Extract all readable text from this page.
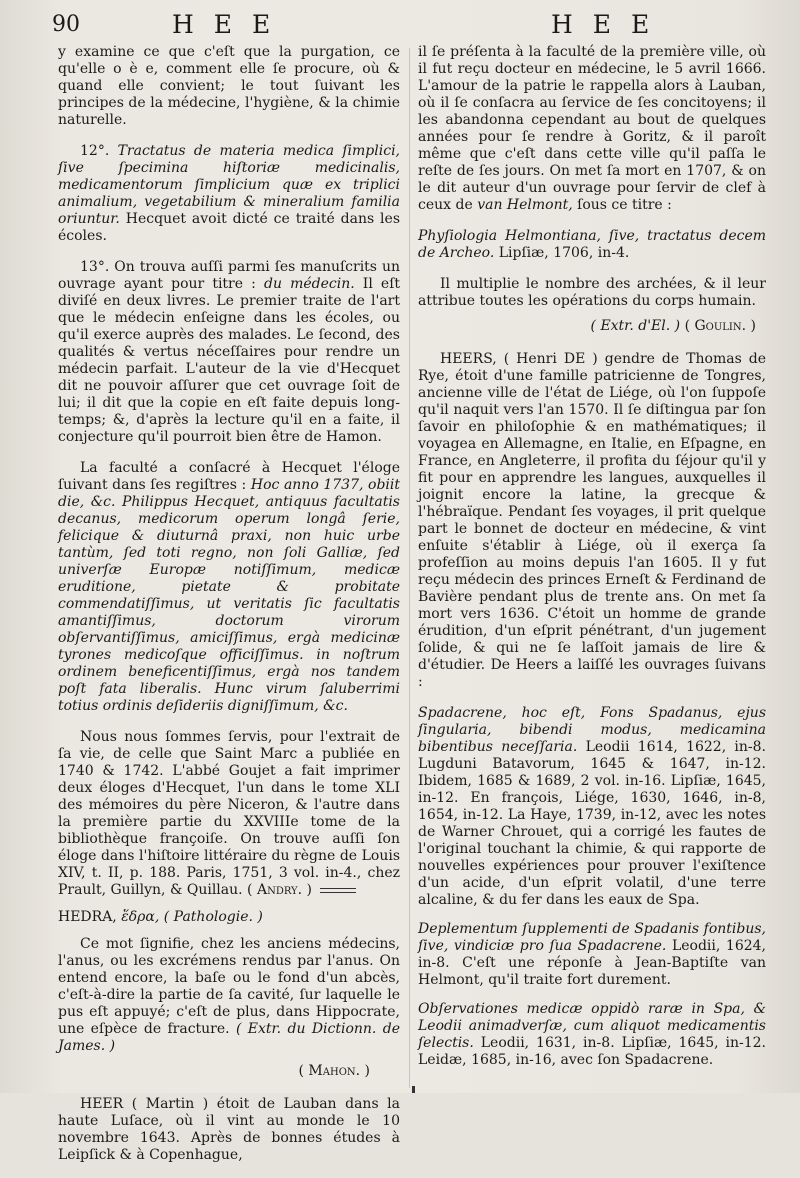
90	H E E	H E E

y examine ce que c'eſt que la purgation, ce qu'elle o è e, comment elle ſe procure, où & quand elle convient; le tout ſuivant les principes de la médecine, l'hygiène, & la chimie naturelle.

12°. Tractatus de materia medica ſimplici, ſive ſpecimina hiſtoriæ medicinalis, medicamentorum ſimplicium quæ ex triplici animalium, vegetabilium & mineralium familia oriuntur. Hecquet avoit dicté ce traité dans les écoles.

13°. On trouva auſſi parmi ſes manuſcrits un ouvrage ayant pour titre : du médecin. Il eſt diviſé en deux livres. Le premier traite de l'art que le médecin enſeigne dans les écoles, ou qu'il exerce auprès des malades. Le ſecond, des qualités & vertus néceſſaires pour rendre un médecin parfait. L'auteur de la vie d'Hecquet dit ne pouvoir aſſurer que cet ouvrage ſoit de lui; il dit que la copie en eſt faite depuis long-temps; &, d'après la lecture qu'il en a faite, il conjecture qu'il pourroit bien être de Hamon.

La faculté a conſacré à Hecquet l'éloge ſuivant dans ſes regiſtres : Hoc anno 1737, obiit die, &c. Philippus Hecquet, antiquus facultatis decanus, medicorum operum longâ ſerie, felicique & diuturnâ praxi, non huic urbe tantùm, ſed toti regno, non ſoli Galliæ, ſed univerſæ Europæ notiſſimum, medicæ eruditione, pietate & probitate commendatiſſimus, ut veritatis ſic facultatis amantiſſimus, doctorum virorum obſervantiſſimus, amiciſſimus, ergà medicinæ tyrones medicoſque officiſſimus. in noſtrum ordinem beneficentiſſimus, ergà nos tandem poſt fata liberalis. Hunc virum ſaluberrimi totius ordinis deſideriis digniſſimum, &c.

Nous nous ſommes ſervis, pour l'extrait de ſa vie, de celle que Saint Marc a publiée en 1740 & 1742. L'abbé Goujet a fait imprimer deux éloges d'Hecquet, l'un dans le tome XLI des mémoires du père Niceron, & l'autre dans la première partie du XXVIIIe tome de la bibliothèque françoiſe. On trouve auſſi ſon éloge dans l'hiſtoire littéraire du règne de Louis XIV, t. II, p. 188. Paris, 1751, 3 vol. in-4., chez Prault, Guillyn, & Quillau. ( Andry. )

HEDRA, ἕδρα, ( Pathologie. )

Ce mot ſignifie, chez les anciens médecins, l'anus, ou les excrémens rendus par l'anus. On entend encore, la baſe ou le fond d'un abcès, c'eſt-à-dire la partie de ſa cavité, ſur laquelle le pus eſt appuyé; c'eſt de plus, dans Hippocrate, une eſpèce de fracture. ( Extr. du Dictionn. de James. )

( Mahon. )

HEER ( Martin ) étoit de Lauban dans la haute Luſace, où il vint au monde le 10 novembre 1643. Après de bonnes études à Leipſick & à Copenhague,

il ſe préſenta à la faculté de la première ville, où il fut reçu docteur en médecine, le 5 avril 1666. L'amour de la patrie le rappella alors à Lauban, où il ſe conſacra au ſervice de ſes concitoyens; il les abandonna cependant au bout de quelques années pour ſe rendre à Goritz, & il paroît même que c'eſt dans cette ville qu'il paſſa le reſte de ſes jours. On met ſa mort en 1707, & on le dit auteur d'un ouvrage pour ſervir de clef à ceux de van Helmont, ſous ce titre :

Phyſiologia Helmontiana, ſive, tractatus decem de Archeo. Lipſiæ, 1706, in-4.

Il multiplie le nombre des archées, & il leur attribue toutes les opérations du corps humain.

( Extr. d'El. ) ( Goulin. )

HEERS, ( Henri DE ) gendre de Thomas de Rye, étoit d'une famille patricienne de Tongres, ancienne ville de l'état de Liége, où l'on ſuppoſe qu'il naquit vers l'an 1570. Il ſe diſtingua par ſon ſavoir en philoſophie & en mathématiques; il voyagea en Allemagne, en Italie, en Eſpagne, en France, en Angleterre, il profita du ſéjour qu'il y fit pour en apprendre les langues, auxquelles il joignit encore la latine, la grecque & l'hébraïque. Pendant ſes voyages, il prit quelque part le bonnet de docteur en médecine, & vint enſuite s'établir à Liége, où il exerça ſa profeſſion au moins depuis l'an 1605. Il y fut reçu médecin des princes Erneſt & Ferdinand de Bavière pendant plus de trente ans. On met ſa mort vers 1636. C'étoit un homme de grande érudition, d'un eſprit pénétrant, d'un jugement ſolide, & qui ne ſe laſſoit jamais de lire & d'étudier. De Heers a laiſſé les ouvrages ſuivans :

Spadacrene, hoc eſt, Fons Spadanus, ejus ſingularia, bibendi modus, medicamina bibentibus neceſſaria. Leodii 1614, 1622, in-8. Lugduni Batavorum, 1645 & 1647, in-12. Ibidem, 1685 & 1689, 2 vol. in-16. Lipſiæ, 1645, in-12. En françois, Liége, 1630, 1646, in-8, 1654, in-12. La Haye, 1739, in-12, avec les notes de Warner Chrouet, qui a corrigé les fautes de l'original touchant la chimie, & qui rapporte de nouvelles expériences pour prouver l'exiſtence d'un acide, d'un eſprit volatil, d'une terre alcaline, & du fer dans les eaux de Spa.

Deplementum ſupplementi de Spadanis fontibus, ſive, vindiciæ pro ſua Spadacrene. Leodii, 1624, in-8. C'eſt une réponſe à Jean-Baptiſte van Helmont, qu'il traite fort durement.

Obſervationes medicæ oppidò raræ in Spa, & Leodii animadverſæ, cum aliquot medicamentis ſelectis. Leodii, 1631, in-8. Lipſiæ, 1645, in-12. Leidæ, 1685, in-16, avec ſon Spadacrene.
